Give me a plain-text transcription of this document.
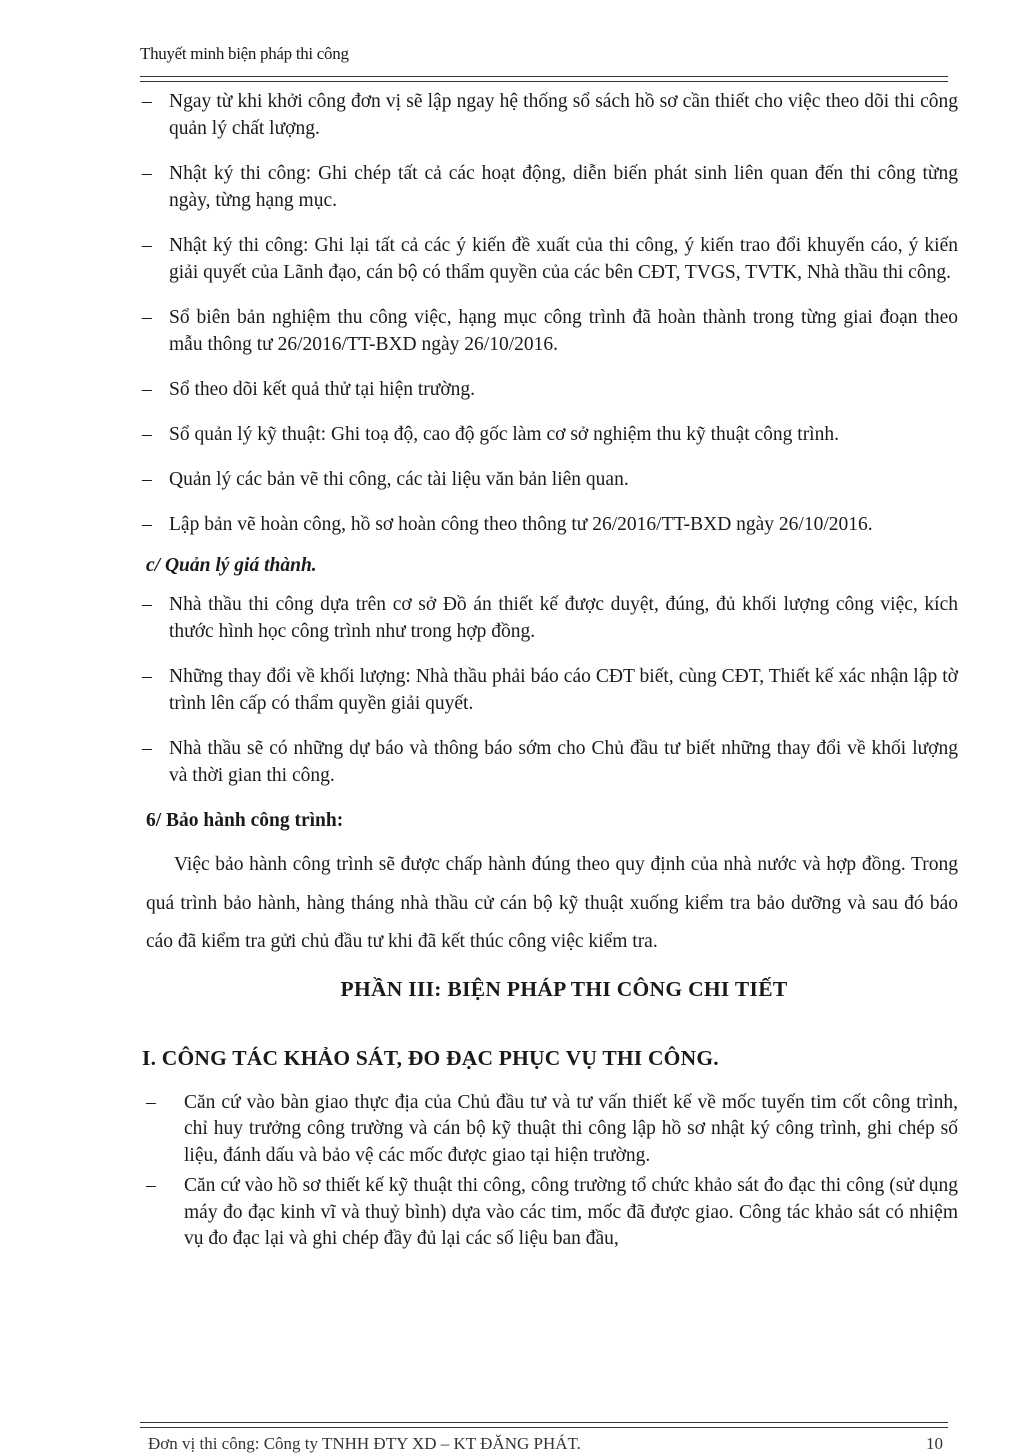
Thuyết minh biện pháp thi công
– Ngay từ khi khởi công đơn vị sẽ lập ngay hệ thống sổ sách hồ sơ cần thiết cho việc theo dõi thi công quản lý chất lượng.
– Nhật ký thi công: Ghi chép tất cả các hoạt động, diễn biến phát sinh liên quan đến thi công từng ngày, từng hạng mục.
– Nhật ký thi công: Ghi lại tất cả các ý kiến đề xuất của thi công, ý kiến trao đổi khuyến cáo, ý kiến giải quyết của Lãnh đạo, cán bộ có thẩm quyền của các bên CĐT, TVGS, TVTK, Nhà thầu thi công.
– Sổ biên bản nghiệm thu công việc, hạng mục công trình đã hoàn thành trong từng giai đoạn theo mẫu thông tư 26/2016/TT-BXD ngày 26/10/2016.
– Sổ theo dõi kết quả thử tại hiện trường.
– Sổ quản lý kỹ thuật: Ghi toạ độ, cao độ gốc làm cơ sở nghiệm thu kỹ thuật công trình.
– Quản lý các bản vẽ thi công, các tài liệu văn bản liên quan.
– Lập bản vẽ hoàn công, hồ sơ hoàn công theo thông tư 26/2016/TT-BXD ngày 26/10/2016.
c/ Quản lý giá thành.
– Nhà thầu thi công dựa trên cơ sở Đồ án thiết kế được duyệt, đúng, đủ khối lượng công việc, kích thước hình học công trình như trong hợp đồng.
– Những thay đổi về khối lượng: Nhà thầu phải báo cáo CĐT biết, cùng CĐT, Thiết kế xác nhận lập tờ trình lên cấp có thẩm quyền giải quyết.
– Nhà thầu sẽ có những dự báo và thông báo sớm cho Chủ đầu tư biết những thay đổi về khối lượng và thời gian thi công.
6/ Bảo hành công trình:
Việc bảo hành công trình sẽ được chấp hành đúng theo quy định của nhà nước và hợp đồng. Trong quá trình bảo hành, hàng tháng nhà thầu cử cán bộ kỹ thuật xuống kiểm tra bảo dưỡng và sau đó báo cáo đã kiểm tra gửi chủ đầu tư khi đã kết thúc công việc kiểm tra.
PHẦN III: BIỆN PHÁP THI CÔNG CHI TIẾT
I. CÔNG TÁC KHẢO SÁT, ĐO ĐẠC PHỤC VỤ THI CÔNG.
– Căn cứ vào bàn giao thực địa của Chủ đầu tư và tư vấn thiết kế về mốc tuyến tim cốt công trình, chỉ huy trưởng công trường và cán bộ kỹ thuật thi công lập hồ sơ nhật ký công trình, ghi chép số liệu, đánh dấu và bảo vệ các mốc được giao tại hiện trường.
– Căn cứ vào hồ sơ thiết kế kỹ thuật thi công, công trường tổ chức khảo sát đo đạc thi công (sử dụng máy đo đạc kinh vĩ và thuỷ bình) dựa vào các tim, mốc đã được giao. Công tác khảo sát có nhiệm vụ đo đạc lại và ghi chép đầy đủ lại các số liệu ban đầu,
Đơn vị thi công: Công ty TNHH ĐTY XD – KT ĐĂNG PHÁT.	10
